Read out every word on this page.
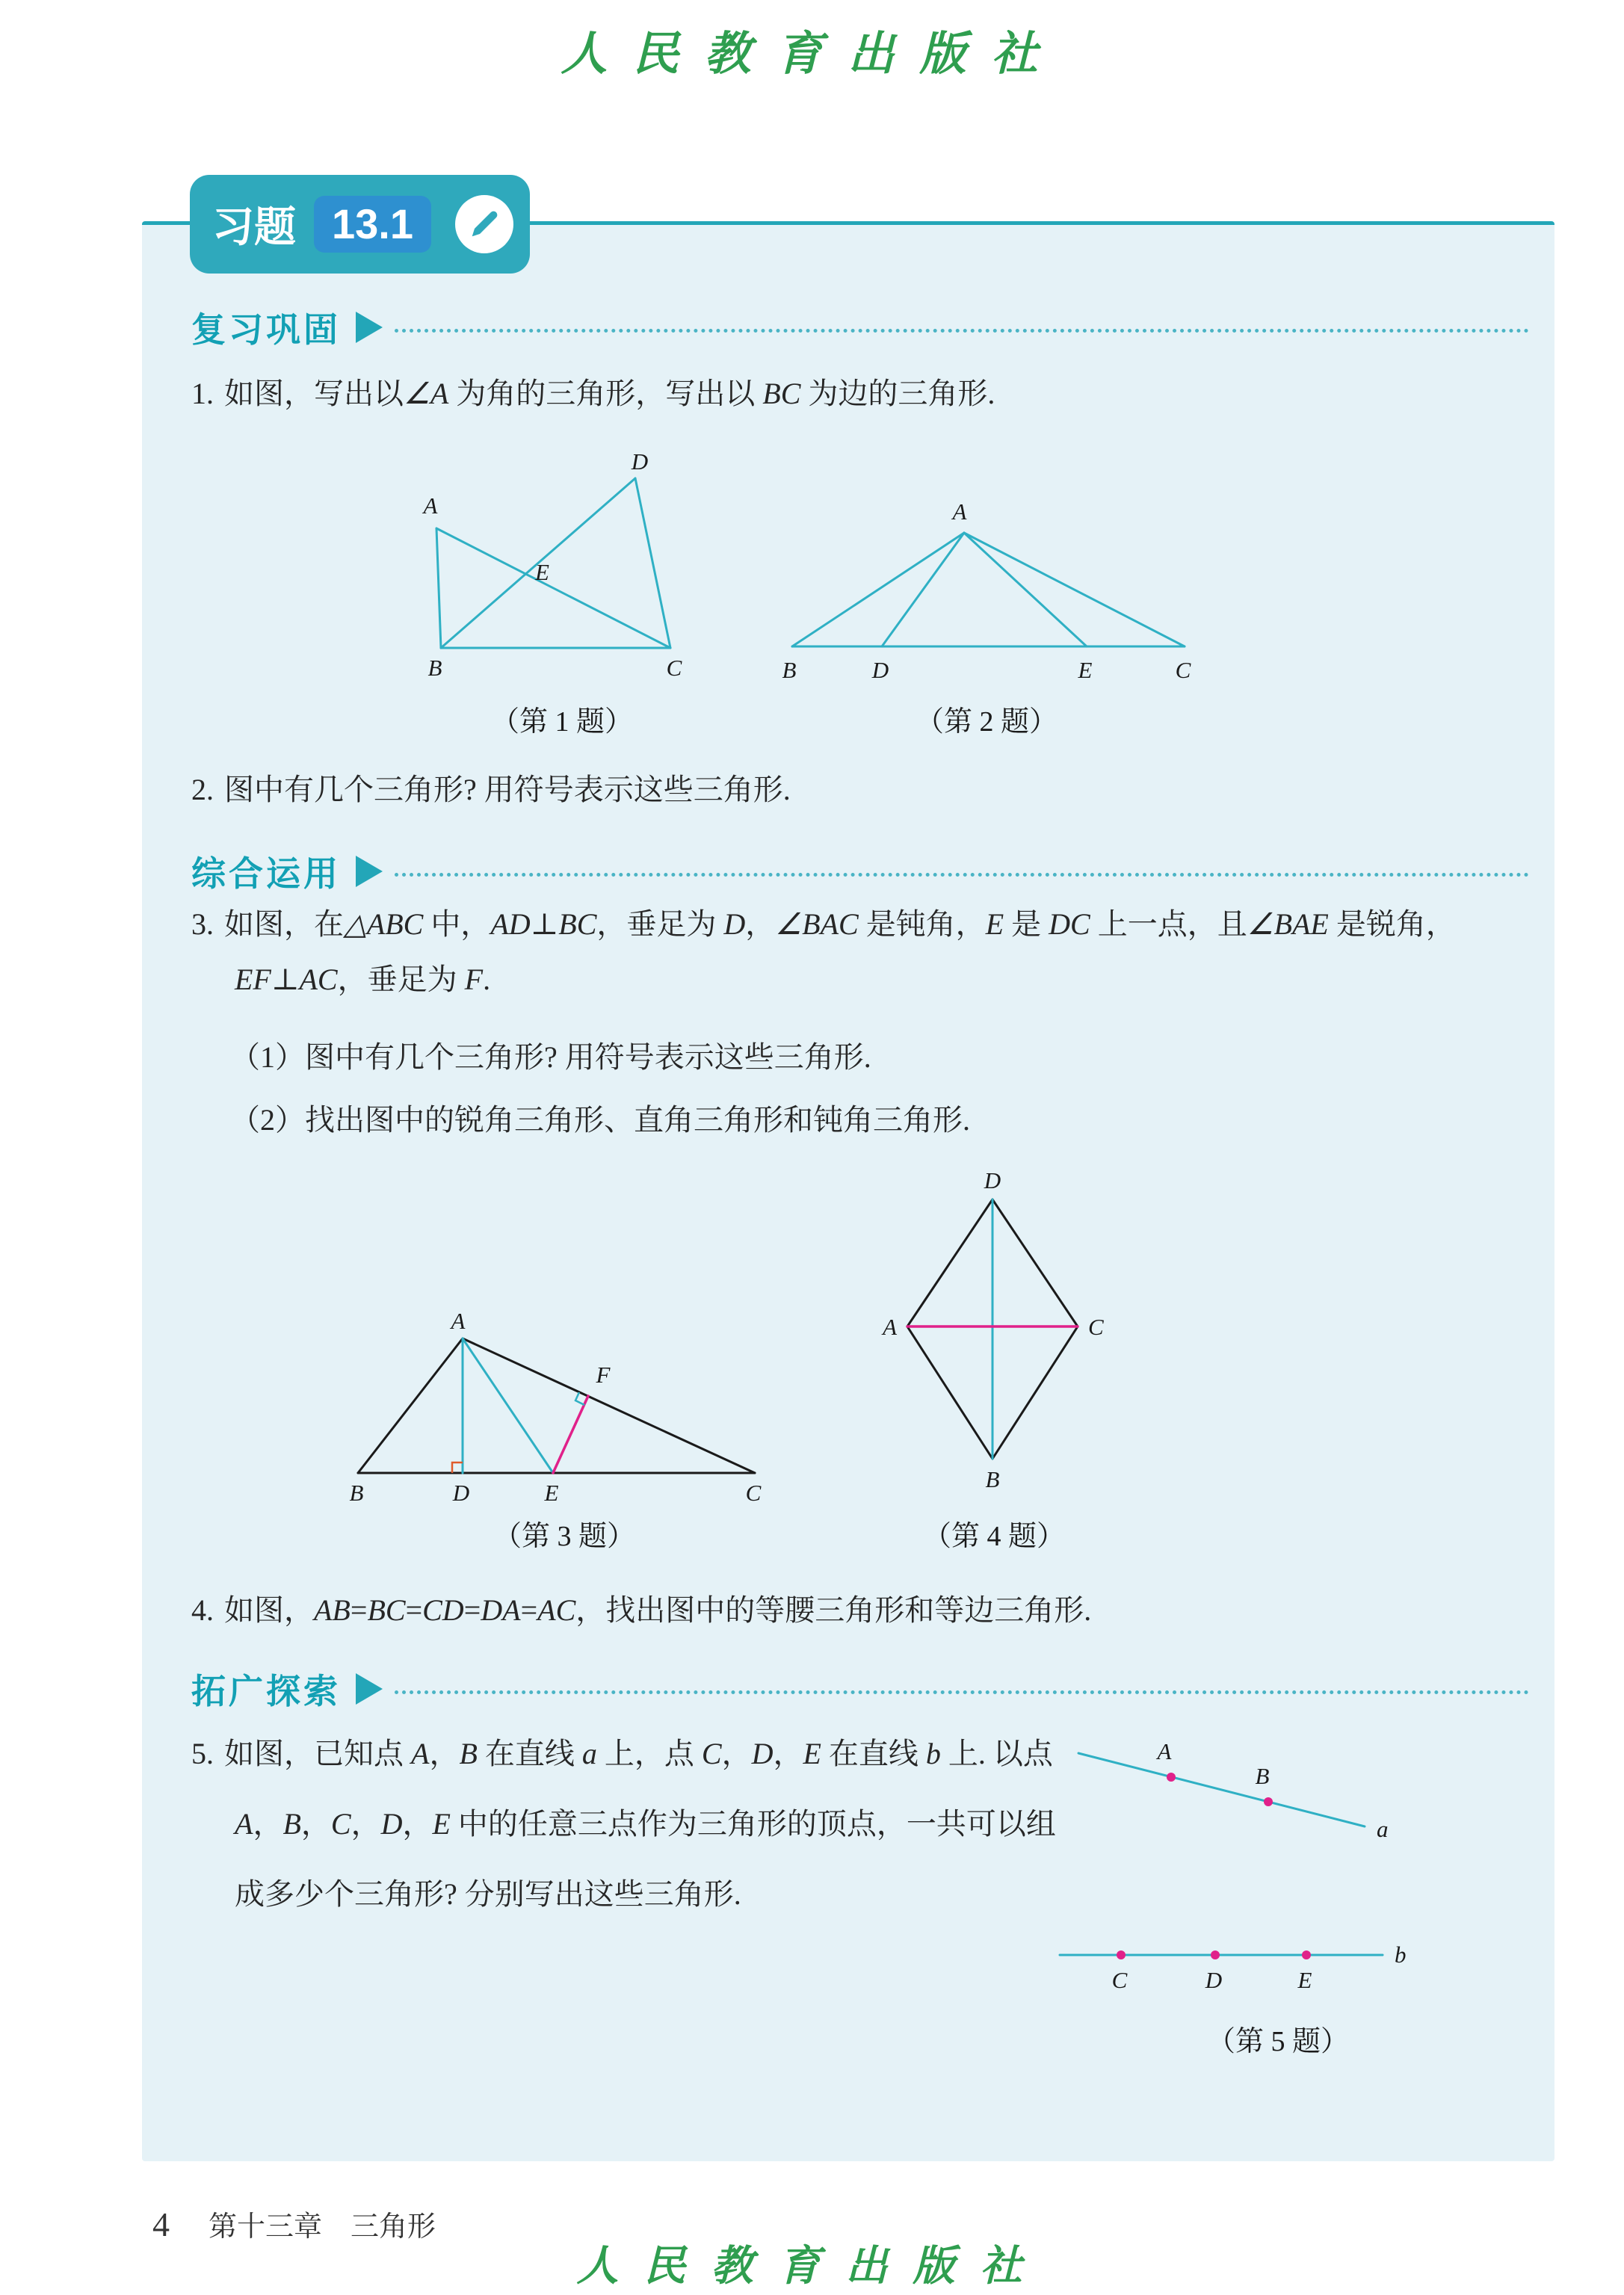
人民教育出版社
习题 13.1
复习巩固
1. 如图，写出以∠A 为角的三角形，写出以 BC 为边的三角形.
A
D
E
B	C
A
B	D	E	C
（第 1 题）	（第 2 题）
2. 图中有几个三角形? 用符号表示这些三角形.
综合运用
3. 如图，在△ABC 中，AD⊥BC，垂足为 D，∠BAC 是钝角，E 是 DC 上一点，且∠BAE 是锐角，EF⊥AC，垂足为 F.
（1）图中有几个三角形? 用符号表示这些三角形.
（2）找出图中的锐角三角形、直角三角形和钝角三角形.
A
F
B	D	E	C
D
A	C
B
（第 3 题）	（第 4 题）
4. 如图，AB=BC=CD=DA=AC，找出图中的等腰三角形和等边三角形.
拓广探索
5. 如图，已知点 A，B 在直线 a 上，点 C，D，E 在直线 b 上. 以点 A，B，C，D，E 中的任意三点作为三角形的顶点，一共可以组成多少个三角形? 分别写出这些三角形.
A
B
a
b
C	D	E
（第 5 题）
4 第十三章　三角形
人民教育出版社
